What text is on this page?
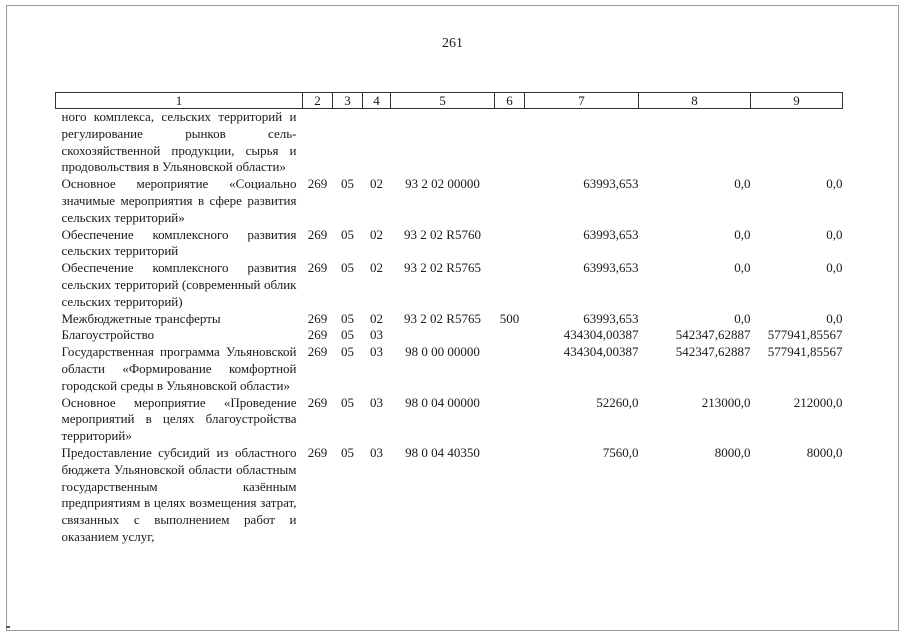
261
1	2	3	4	5	6	7	8	9
ного комплекса, сельских территорий и регулирование рынков сельскохозяйственной продукции, сырья и продовольствия в Ульяновской области»								
Основное мероприятие «Социально значимые мероприятия в сфере развития сельских территорий»	269	05	02	93 2 02 00000		63993,653	0,0	0,0
Обеспечение комплексного развития сельских территорий	269	05	02	93 2 02 R5760		63993,653	0,0	0,0
Обеспечение комплексного развития сельских территорий (современный облик сельских территорий)	269	05	02	93 2 02 R5765		63993,653	0,0	0,0
Межбюджетные трансферты	269	05	02	93 2 02 R5765	500	63993,653	0,0	0,0
Благоустройство	269	05	03			434304,00387	542347,62887	577941,85567
Государственная программа Ульяновской области «Формирование комфортной городской среды в Ульяновской области»	269	05	03	98 0 00 00000		434304,00387	542347,62887	577941,85567
Основное мероприятие «Проведение мероприятий в целях благоустройства территорий»	269	05	03	98 0 04 00000		52260,0	213000,0	212000,0
Предоставление субсидий из областного бюджета Ульяновской области областным государственным казённым предприятиям в целях возмещения затрат, связанных с выполнением работ и оказанием услуг,	269	05	03	98 0 04 40350		7560,0	8000,0	8000,0
